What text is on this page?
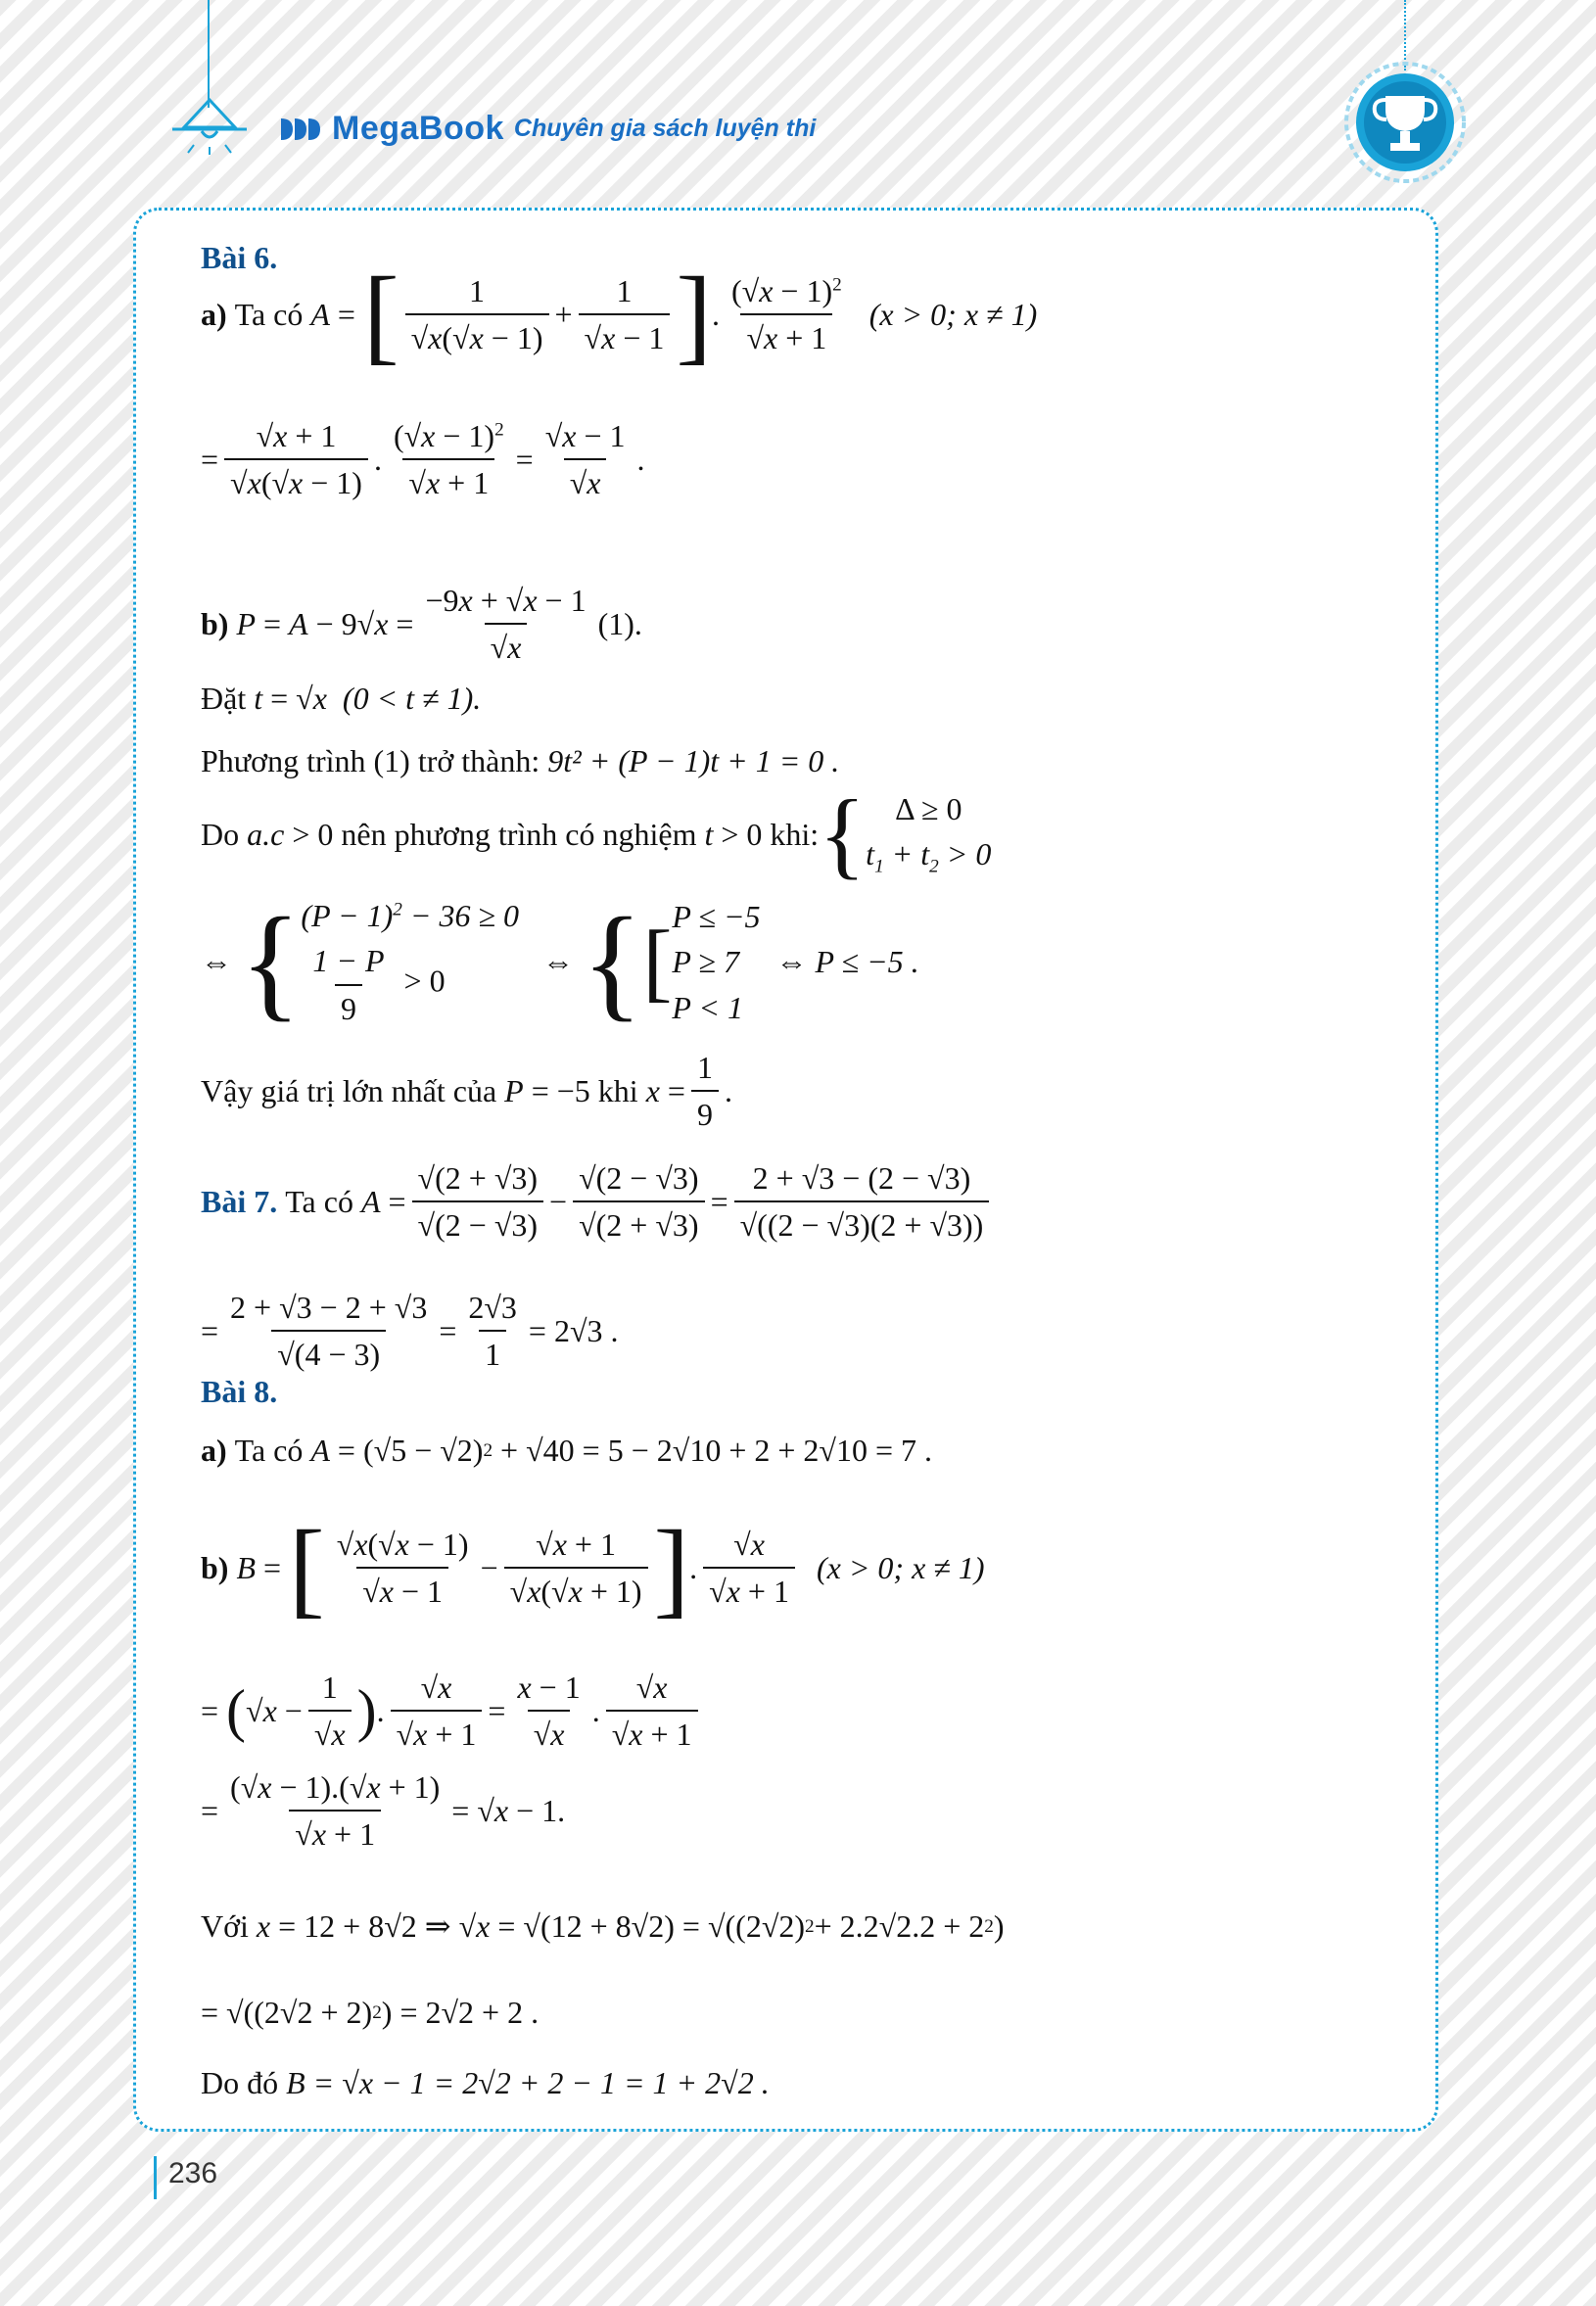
MegaBook Chuyên gia sách luyện thi
Bài 6.
a)
Ta có
A = [ $\frac{1}{√x(√x - 1)} + \frac{1}{√x - 1}$ ] . $\frac{(√x - 1)^2}{√x + 1}$
(x > 0; x ≠ 1)
= $\frac{√x + 1}{√x(√x - 1)}$ . $\frac{(√x - 1)^2}{√x + 1} = \frac{√x - 1}{√x}$ .
b)
P = A − 9 $√x = \frac{-9x + √x - 1}{√x} (1)$.
Đặt
t = √x
(0 < t ≠ 1).
Phương trình (1) trở thành:
9t² + (P − 1)t + 1 = 0 .
Do
a.c > 0 nên phương trình có nghiệm
t > 0 khi: { Δ ≥ 0
$t_1 + t_2 > 0$
⇔ { $(P - 1)^2 - 36 \ge 0$
$\frac{1 - P}{9} > 0$
⇔ { [ P ≤ −5
P ≥ 7
P < 1
⇔ P ≤ −5 .
Vậy giá trị lớn nhất của
P = −5 khi
$x = \frac{1}{9}$ .
Bài 7.
Ta có
$A = \frac{√(2 + √3)}{√(2 - √3)} - \frac{√(2 - √3)}{√(2 + √3)} = \frac{2 + √3 - (2 - √3)}{√((2 - √3)(2 + √3))}$
= $\frac{2 + √3 - 2 + √3}{√(4 - 3)} = \frac{2√3}{1} = 2√3$ .
Bài 8.
a)
Ta có
A = (√5 − √2) 2 + √40 = 5 − 2√10 + 2 + 2√10 = 7 .
b)
B = [ $\frac{√x(√x - 1)}{√x - 1} - \frac{√x + 1}{√x(√x + 1)}$ ] . $\frac{√x}{√x + 1}$
(x > 0; x ≠ 1)
= ( $√x - \frac{1}{√x}$ ) . $\frac{√x}{√x + 1} = \frac{x - 1}{√x}$ . $\frac{√x}{√x + 1}$
= $\frac{(√x - 1).(√x + 1)}{√x + 1} = √x - 1$.
Với
x = 12 + 8√2 ⇒ √x = √(12 + 8√2) = √((2√2) 2 + 2.2√2.2 + 2 2 )
= √((2√2 + 2) 2 ) = 2√2 + 2 .
Do đó
B = √x − 1 = 2√2 + 2 − 1 = 1 + 2√2 .
236
